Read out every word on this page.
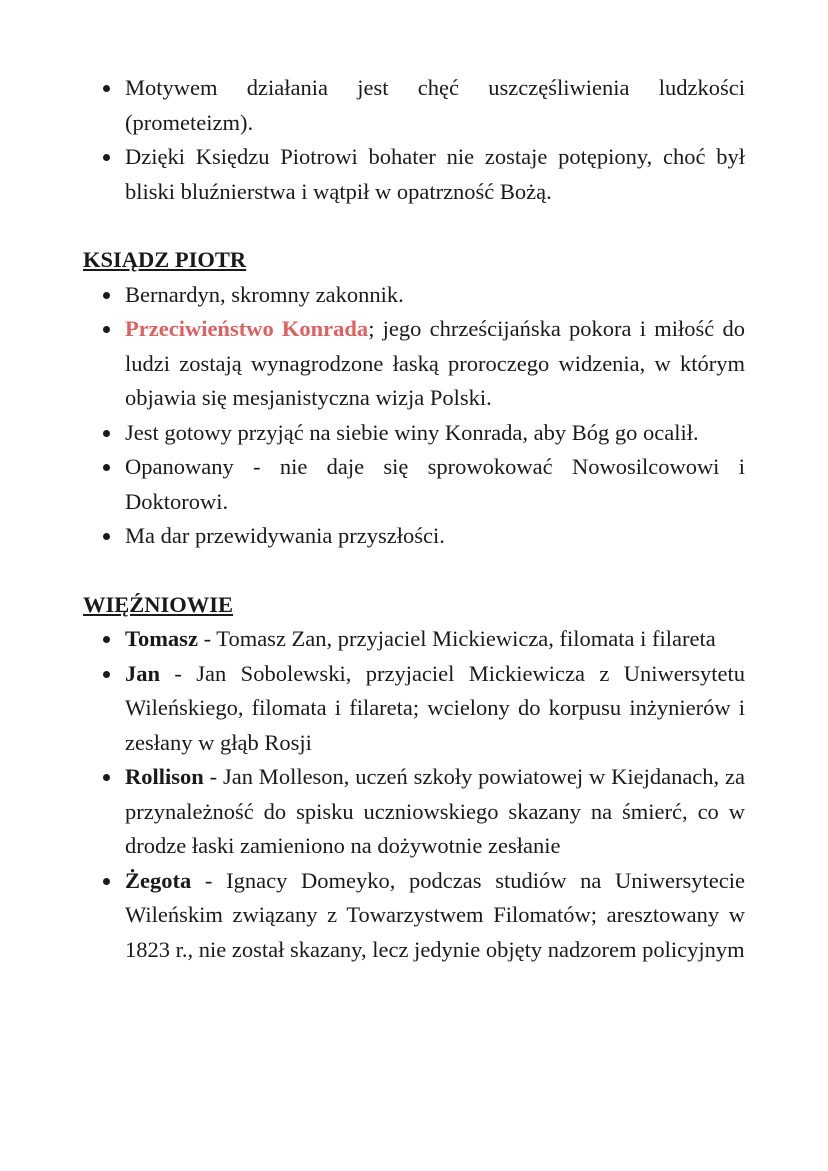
Motywem działania jest chęć uszczęśliwienia ludzkości (prometeizm).
Dzięki Księdzu Piotrowi bohater nie zostaje potępiony, choć był bliski bluźnierstwa i wątpił w opatrzność Bożą.
KSIĄDZ PIOTR
Bernardyn, skromny zakonnik.
Przeciwieństwo Konrada; jego chrześcijańska pokora i miłość do ludzi zostają wynagrodzone łaską proroczego widzenia, w którym objawia się mesjanistyczna wizja Polski.
Jest gotowy przyjąć na siebie winy Konrada, aby Bóg go ocalił.
Opanowany - nie daje się sprowokować Nowosilcowowi i Doktorowi.
Ma dar przewidywania przyszłości.
WIĘŹNIOWIE
Tomasz - Tomasz Zan, przyjaciel Mickiewicza, filomata i filareta
Jan - Jan Sobolewski, przyjaciel Mickiewicza z Uniwersytetu Wileńskiego, filomata i filareta; wcielony do korpusu inżynierów i zesłany w głąb Rosji
Rollison - Jan Molleson, uczeń szkoły powiatowej w Kiejdanach, za przynależność do spisku uczniowskiego skazany na śmierć, co w drodze łaski zamieniono na dożywotnie zesłanie
Żegota - Ignacy Domeyko, podczas studiów na Uniwersytecie Wileńskim związany z Towarzystwem Filomatów; aresztowany w 1823 r., nie został skazany, lecz jedynie objęty nadzorem policyjnym
